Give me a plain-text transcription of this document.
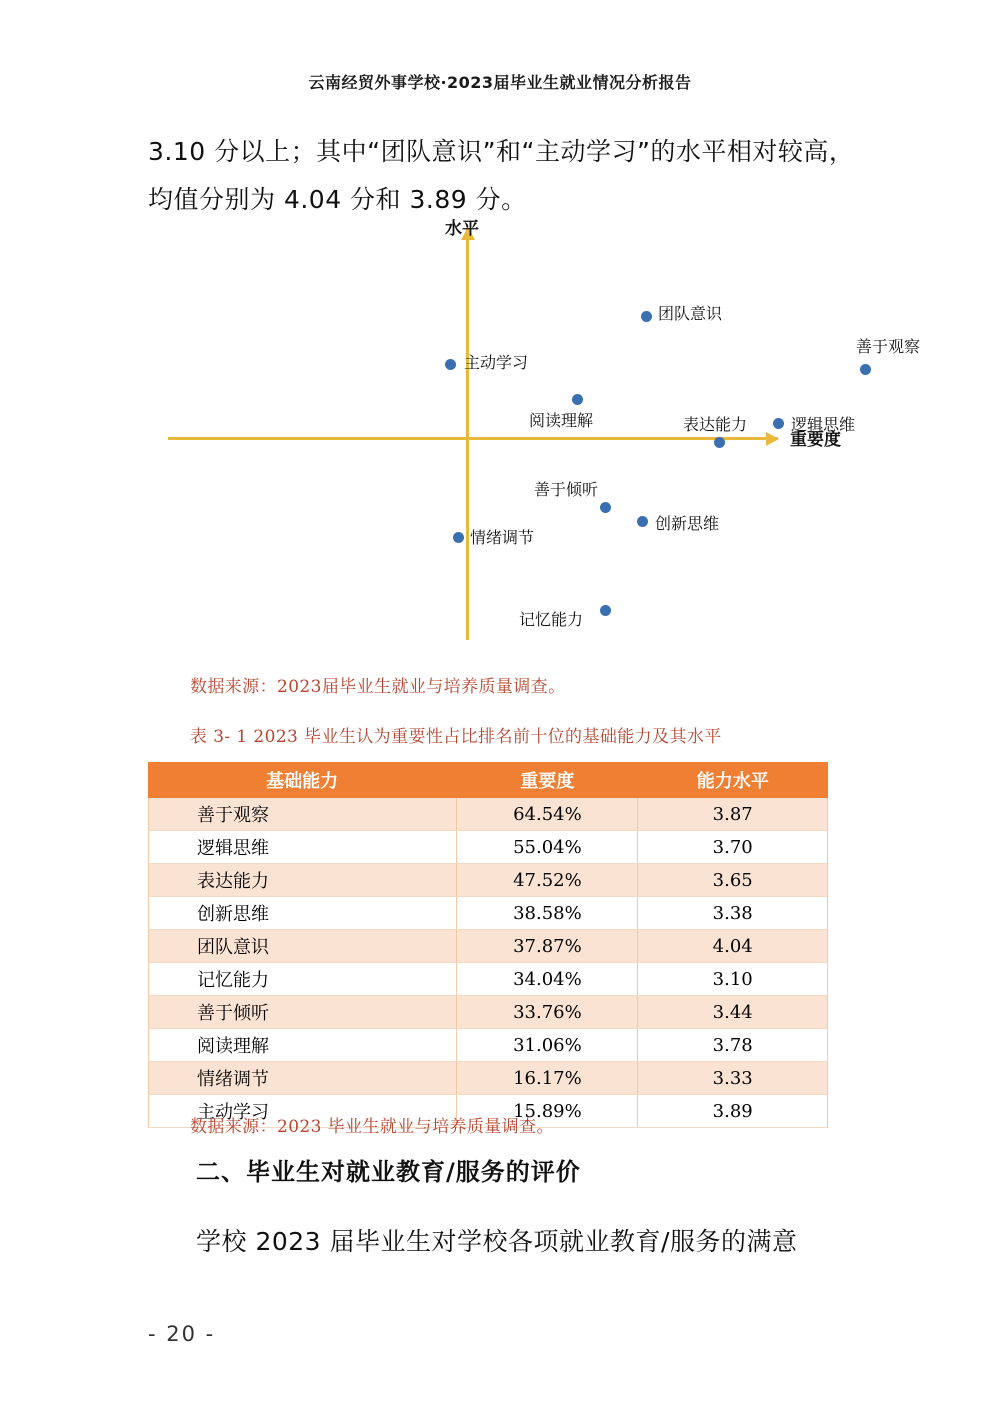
云南经贸外事学校·2023届毕业生就业情况分析报告
3.10 分以上；其中“团队意识”和“主动学习”的水平相对较高，均值分别为 4.04 分和 3.89 分。
水平
重要度
团队意识
善于观察
主动学习
阅读理解	逻辑思维
表达能力
善于倾听
创新思维
情绪调节
记忆能力
数据来源：2023届毕业生就业与培养质量调查。
表 3- 1 2023 毕业生认为重要性占比排名前十位的基础能力及其水平
基础能力	重要度	能力水平
善于观察	64.54%	3.87
逻辑思维	55.04%	3.70
表达能力	47.52%	3.65
创新思维	38.58%	3.38
团队意识	37.87%	4.04
记忆能力	34.04%	3.10
善于倾听	33.76%	3.44
阅读理解	31.06%	3.78
情绪调节	16.17%	3.33
主动学习	15.89%	3.89
数据来源：2023 毕业生就业与培养质量调查。
二、毕业生对就业教育/服务的评价
学校 2023 届毕业生对学校各项就业教育/服务的满意
- 20 -
